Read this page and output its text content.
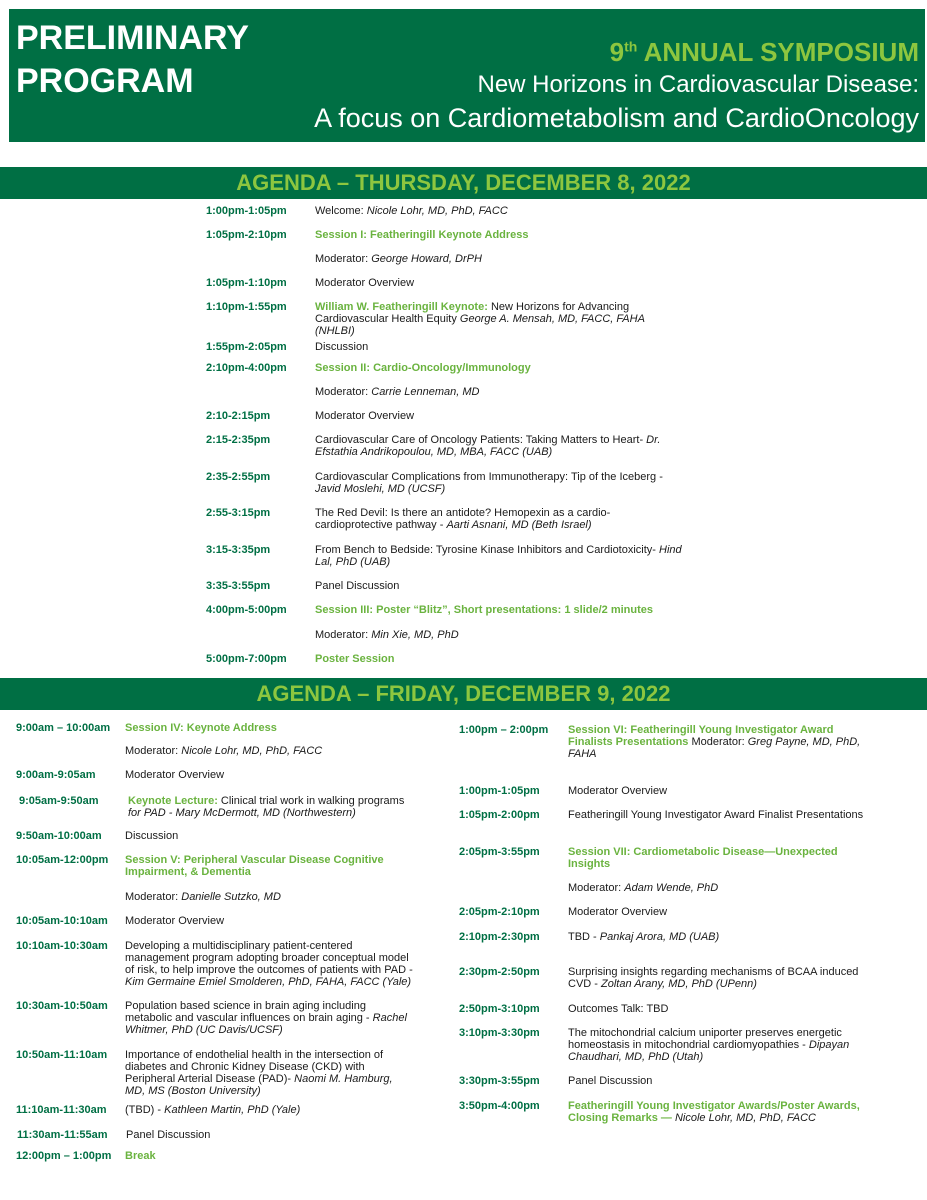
PRELIMINARY
PROGRAM
9th ANNUAL SYMPOSIUM
New Horizons in Cardiovascular Disease:
A focus on Cardiometabolism and CardioOncology
AGENDA – THURSDAY, DECEMBER 8, 2022
1:00pm-1:05pm	Welcome: Nicole Lohr, MD, PhD, FACC
1:05pm-2:10pm	Session I: Featheringill Keynote Address
Moderator: George Howard, DrPH
1:05pm-1:10pm	Moderator Overview
1:10pm-1:55pm	William W. Featheringill Keynote: New Horizons for Advancing Cardiovascular Health Equity George A. Mensah, MD, FACC, FAHA (NHLBI)
1:55pm-2:05pm	Discussion
2:10pm-4:00pm	Session II: Cardio-Oncology/Immunology
Moderator: Carrie Lenneman, MD
2:10-2:15pm	Moderator Overview
2:15-2:35pm	Cardiovascular Care of Oncology Patients: Taking Matters to Heart- Dr. Efstathia Andrikopoulou, MD, MBA, FACC (UAB)
2:35-2:55pm	Cardiovascular Complications from Immunotherapy: Tip of the Iceberg - Javid Moslehi, MD (UCSF)
2:55-3:15pm	The Red Devil: Is there an antidote? Hemopexin as a cardio-cardioprotective pathway - Aarti Asnani, MD (Beth Israel)
3:15-3:35pm	From Bench to Bedside: Tyrosine Kinase Inhibitors and Cardiotoxicity- Hind Lal, PhD (UAB)
3:35-3:55pm	Panel Discussion
4:00pm-5:00pm	Session III: Poster “Blitz”, Short presentations: 1 slide/2 minutes
Moderator: Min Xie, MD, PhD
5:00pm-7:00pm	Poster Session
AGENDA – FRIDAY, DECEMBER 9, 2022
9:00am – 10:00am Session IV: Keynote Address
Moderator: Nicole Lohr, MD, PhD, FACC
9:00am-9:05am	Moderator Overview
9:05am-9:50am	Keynote Lecture: Clinical trial work in walking programs for PAD - Mary McDermott, MD (Northwestern)
9:50am-10:00am Discussion
10:05am-12:00pm Session V: Peripheral Vascular Disease Cognitive Impairment, & Dementia
Moderator: Danielle Sutzko, MD
10:05am-10:10am Moderator Overview
10:10am-10:30am Developing a multidisciplinary patient-centered management program adopting broader conceptual model of risk, to help improve the outcomes of patients with PAD - Kim Germaine Emiel Smolderen, PhD, FAHA, FACC (Yale)
10:30am-10:50am Population based science in brain aging including metabolic and vascular influences on brain aging - Rachel Whitmer, PhD (UC Davis/UCSF)
10:50am-11:10am Importance of endothelial health in the intersection of diabetes and Chronic Kidney Disease (CKD) with Peripheral Arterial Disease (PAD)- Naomi M. Hamburg, MD, MS (Boston University)
11:10am-11:30am (TBD) - Kathleen Martin, PhD (Yale)
11:30am-11:55am Panel Discussion
12:00pm – 1:00pm Break
1:00pm – 2:00pm Session VI: Featheringill Young Investigator Award Finalists Presentations Moderator: Greg Payne, MD, PhD, FAHA
1:00pm-1:05pm	Moderator Overview
1:05pm-2:00pm	Featheringill Young Investigator Award Finalist Presentations
2:05pm-3:55pm	Session VII: Cardiometabolic Disease—Unexpected Insights
Moderator: Adam Wende, PhD
2:05pm-2:10pm	Moderator Overview
2:10pm-2:30pm	TBD - Pankaj Arora, MD (UAB)
2:30pm-2:50pm	Surprising insights regarding mechanisms of BCAA induced CVD - Zoltan Arany, MD, PhD (UPenn)
2:50pm-3:10pm	Outcomes Talk: TBD
3:10pm-3:30pm	The mitochondrial calcium uniporter preserves energetic homeostasis in mitochondrial cardiomyopathies - Dipayan Chaudhari, MD, PhD (Utah)
3:30pm-3:55pm	Panel Discussion
3:50pm-4:00pm	Featheringill Young Investigator Awards/Poster Awards, Closing Remarks — Nicole Lohr, MD, PhD, FACC
